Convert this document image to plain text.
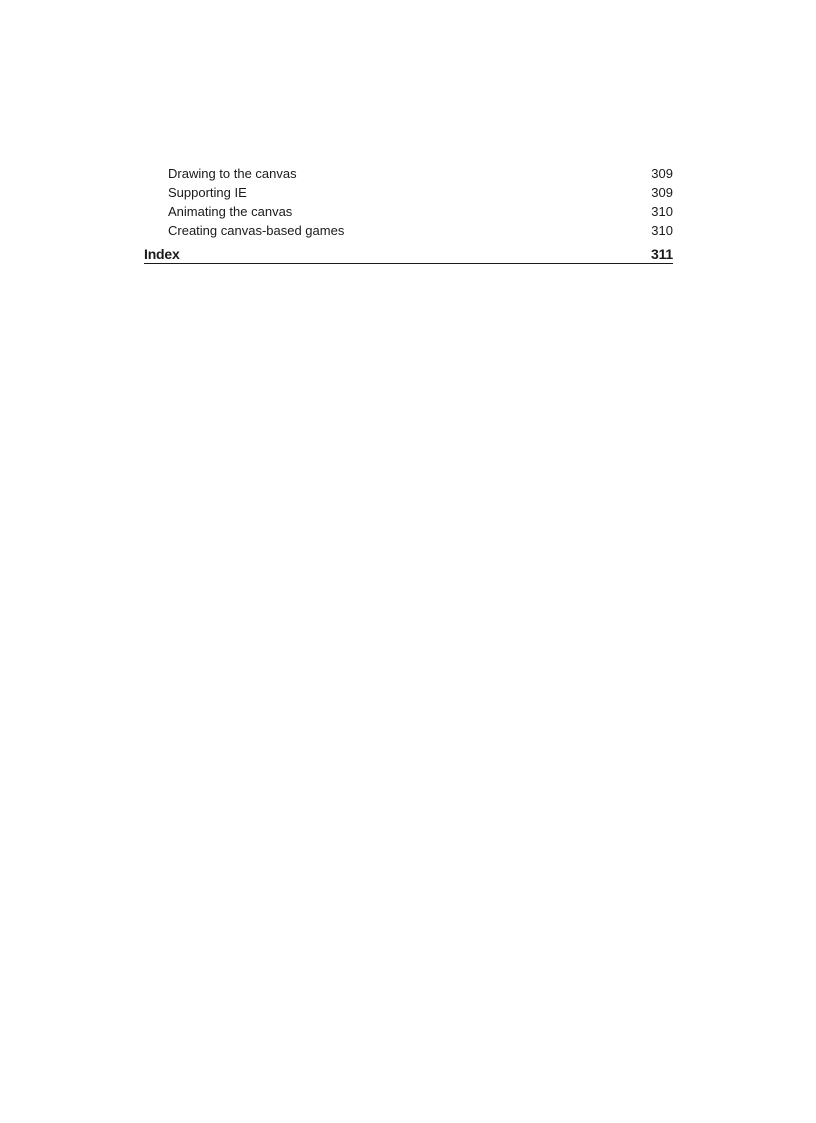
Drawing to the canvas	309
Supporting IE	309
Animating the canvas	310
Creating canvas-based games	310
Index	311
